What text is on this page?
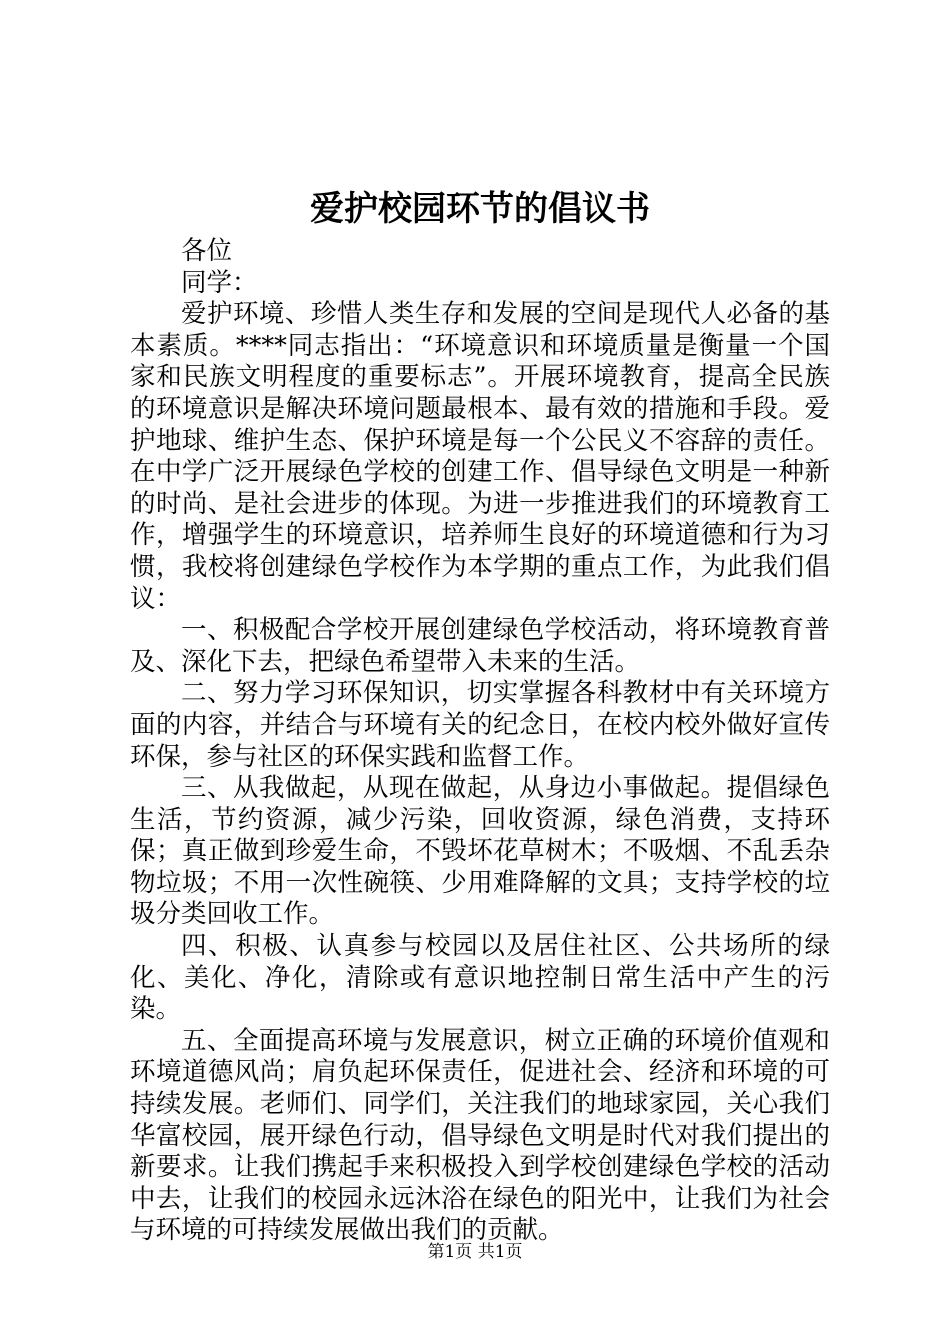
爱护校园环节的倡议书

各位

同学：

爱护环境、珍惜人类生存和发展的空间是现代人必备的基本素质。****同志指出：“环境意识和环境质量是衡量一个国家和民族文明程度的重要标志”。开展环境教育，提高全民族的环境意识是解决环境问题最根本、最有效的措施和手段。爱护地球、维护生态、保护环境是每一个公民义不容辞的责任。在中学广泛开展绿色学校的创建工作、倡导绿色文明是一种新的时尚、是社会进步的体现。为进一步推进我们的环境教育工作，增强学生的环境意识，培养师生良好的环境道德和行为习惯，我校将创建绿色学校作为本学期的重点工作，为此我们倡议：

一、积极配合学校开展创建绿色学校活动，将环境教育普及、深化下去，把绿色希望带入未来的生活。

二、努力学习环保知识，切实掌握各科教材中有关环境方面的内容，并结合与环境有关的纪念日，在校内校外做好宣传环保，参与社区的环保实践和监督工作。

三、从我做起，从现在做起，从身边小事做起。提倡绿色生活，节约资源，减少污染，回收资源，绿色消费，支持环保；真正做到珍爱生命，不毁坏花草树木；不吸烟、不乱丢杂物垃圾；不用一次性碗筷、少用难降解的文具；支持学校的垃圾分类回收工作。

四、积极、认真参与校园以及居住社区、公共场所的绿化、美化、净化，清除或有意识地控制日常生活中产生的污染。

五、全面提高环境与发展意识，树立正确的环境价值观和环境道德风尚；肩负起环保责任，促进社会、经济和环境的可持续发展。老师们、同学们，关注我们的地球家园，关心我们华富校园，展开绿色行动，倡导绿色文明是时代对我们提出的新要求。让我们携起手来积极投入到学校创建绿色学校的活动中去，让我们的校园永远沐浴在绿色的阳光中，让我们为社会与环境的可持续发展做出我们的贡献。

第1页 共1页
